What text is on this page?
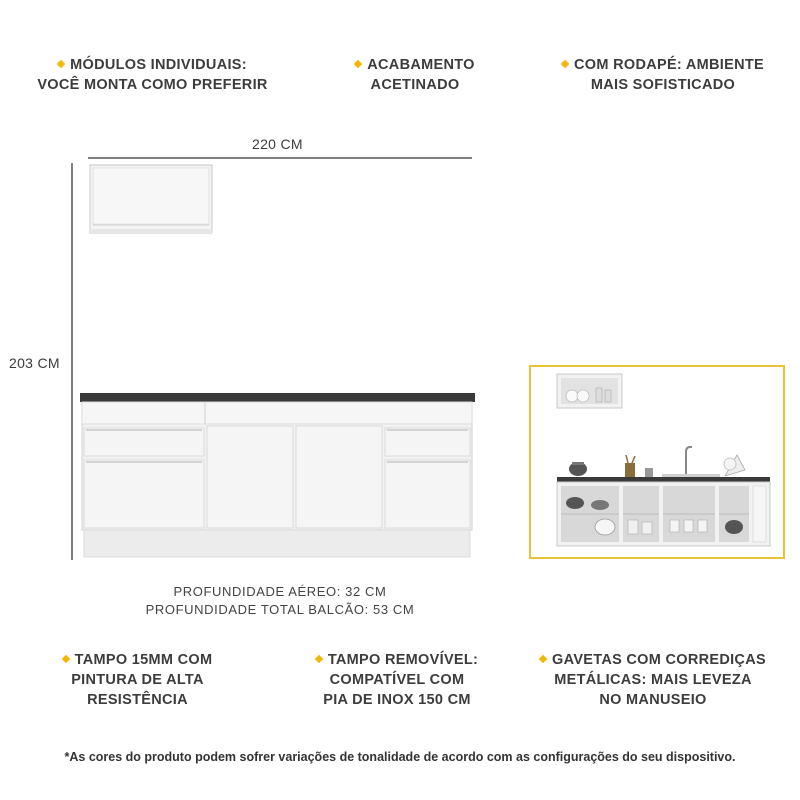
MÓDULOS INDIVIDUAIS:
VOCÊ MONTA COMO PREFERIR
ACABAMENTO
ACETINADO
COM RODAPÉ: AMBIENTE
MAIS SOFISTICADO
220 CM
203 CM
PROFUNDIDADE AÉREO: 32 CM
PROFUNDIDADE TOTAL BALCÃO: 53 CM
TAMPO 15MM COM
PINTURA DE ALTA
RESISTÊNCIA
TAMPO REMOVÍVEL:
COMPATÍVEL COM
PIA DE INOX 150 CM
GAVETAS COM CORREDIÇAS
METÁLICAS: MAIS LEVEZA
NO MANUSEIO
*As cores do produto podem sofrer variações de tonalidade de acordo com as configurações do seu dispositivo.
